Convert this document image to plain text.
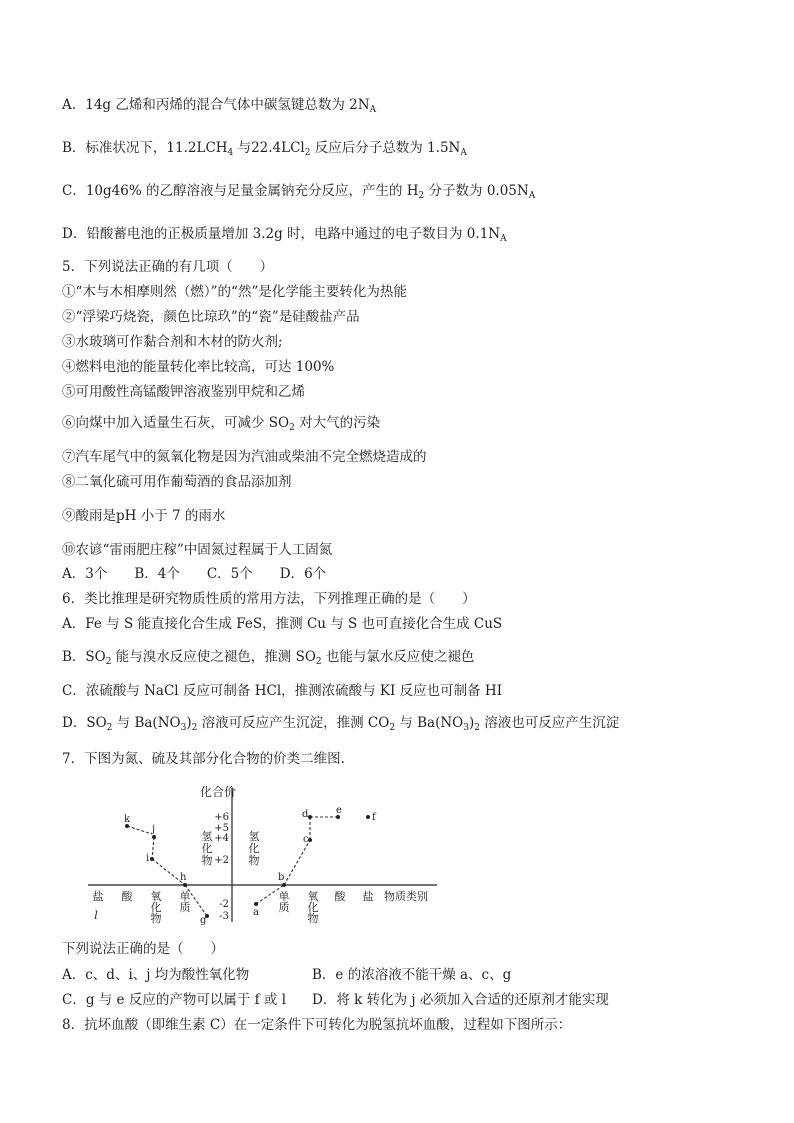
A．14g 乙烯和丙烯的混合气体中碳氢键总数为 $2N_A$
B．标准状况下，$11.2LCH_4$ 与22.4LCl$_2$ 反应后分子总数为 $1.5N_A$
C．10g46% 的乙醇溶液与足量金属钠充分反应，产生的 $H_2$ 分子数为 $0.05N_A$
D．铅酸蓄电池的正极质量增加 3.2g 时，电路中通过的电子数目为 $0.1N_A$
5．下列说法正确的有几项（　　）
①“木与木相摩则然（燃）”的“然”是化学能主要转化为热能
②“浮梁巧烧瓷，颜色比琼玖”的“瓷”是硅酸盐产品
③水玻璃可作黏合剂和木材的防火剂;
④燃料电池的能量转化率比较高，可达 100%
⑤可用酸性高锰酸钾溶液鉴别甲烷和乙烯
⑥向煤中加入适量生石灰，可减少 $SO_2$ 对大气的污染
⑦汽车尾气中的氮氧化物是因为汽油或柴油不完全燃烧造成的
⑧二氧化硫可用作葡萄酒的食品添加剂
⑨酸雨是pH 小于 7 的雨水
⑩农谚“雷雨肥庄稼”中固氮过程属于人工固氮
A．3个　　B．4个　　C．5个　　D．6个
6．类比推理是研究物质性质的常用方法，下列推理正确的是（　　）
A．Fe 与 S 能直接化合生成 FeS，推测 Cu 与 S 也可直接化合生成 CuS
B．$SO_2$ 能与溴水反应使之褪色，推测 $SO_2$ 也能与氯水反应使之褪色
C．浓硫酸与 NaCl 反应可制备 HCl，推测浓硫酸与 KI 反应也可制备 HI
D．$SO_2$ 与 $Ba(NO_3)_2$ 溶液可反应产生沉淀，推测 $CO_2$ 与 $Ba(NO_3)_2$ 溶液也可反应产生沉淀
7．下图为氮、硫及其部分化合物的价类二维图.
化合价
+6
+5
+4
+2
-2
-3
氢化物
氢化物
盐 酸 氧化物
单质
l
单质
氧化物
酸 盐 物质类别
k
j
i
h
g
a
b
c
d	e
f
下列说法正确的是（　　）
A．c、d、i、j 均为酸性氧化物	B．e 的浓溶液不能干燥 a、c、g
C．g 与 e 反应的产物可以属于 f 或 l D．将 k 转化为 j 必须加入合适的还原剂才能实现
8．抗坏血酸（即维生素 C）在一定条件下可转化为脱氢抗坏血酸，过程如下图所示：
